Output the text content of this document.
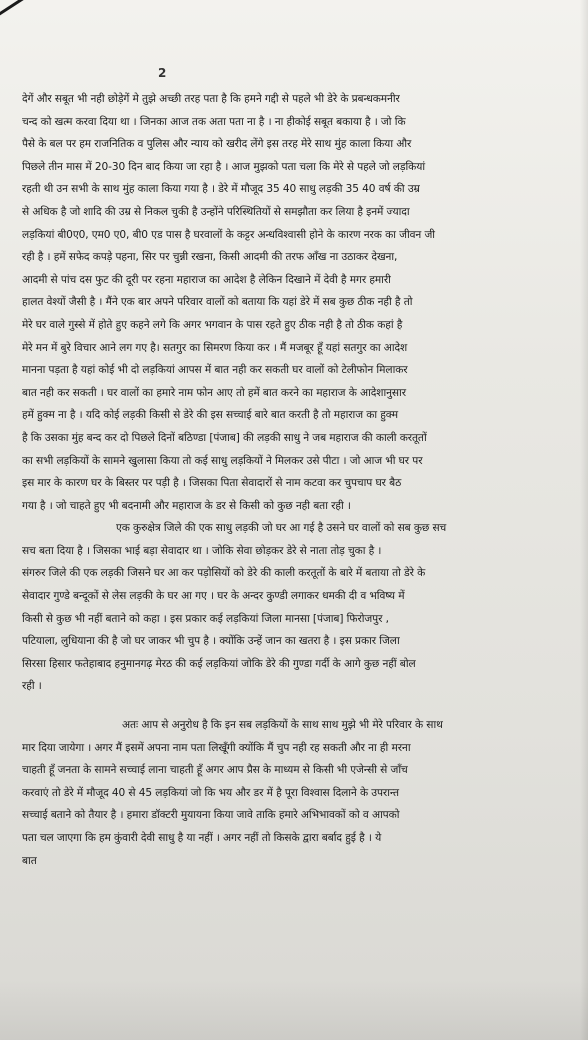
2
देगें और सबूत भी नही छोड़ेगें मे तुझे अच्छी तरह पता है कि हमने गद्दी से पहले भी डेरे के प्रबन्धकमनीर
चन्द को खत्म करवा दिया था । जिनका आज तक अता पता ना है । ना हीकोई सबूत बकाया है । जो कि
पैसे के बल पर हम राजनितिक व पुलिस और न्याय को खरीद लेंगे इस तरह मेरे साथ मुंह काला किया और
पिछले तीन मास में 20-30 दिन बाद किया जा रहा है । आज मुझको पता चला कि मेरे से पहले जो लड़कियां
रहती थी उन सभी के साथ मुंह काला किया गया है । डेरे में मौजूद 35 40 साधु लड़की 35 40 वर्ष की उम्र
से अधिक है जो शादि की उम्र से निकल चुकी है उन्होंने परिस्थितियों से समझौता कर लिया है इनमें ज्यादा
लड़कियां बी0ए0, एम0 ए0, बी0 एड पास है घरवालों के कट्टर अन्धविश्वासी होने के कारण नरक का जीवन जी
रही है । हमें सफेद कपड़े पहना, सिर पर चुन्नी रखना, किसी आदमी की तरफ आँख ना उठाकर देखना,
आदमी से पांच दस फुट की दूरी पर रहना महाराज का आदेश है लेकिन दिखाने में देवी है मगर हमारी
हालत वेश्यों जैसी है । मैंने एक बार अपने परिवार वालों को बताया कि यहां डेरे में सब कुछ ठीक नही है तो
मेरे घर वाले गुस्से में होते हुए कहने लगे कि अगर भगवान के पास रहते हुए ठीक नही है तो ठीक कहां है
मेरे मन में बुरे विचार आने लग गए है। सतगुर का सिमरण किया कर । मैं मजबूर हूँ यहां सतगुर का आदेश
मानना पड़ता है यहां कोई भी दो लड़कियां आपस में बात नही कर सकती घर वालों को टेलीफोन मिलाकर
बात नही कर सकती । घर वालों का हमारे नाम फोन आए तो हमें बात करने का महाराज के आदेशानुसार
हमें हुक्म ना है । यदि कोई लड़की किसी से डेरे की इस सच्चाई बारे बात करती है तो महाराज का हुक्म
है कि उसका मुंह बन्द कर दो पिछले दिनों बठिण्डा [पंजाब] की लड़की साधु ने जब महाराज की काली करतूतों
का सभी लड़कियों के सामने खुलासा किया तो कई साधु लड़कियों ने मिलकर उसे पीटा । जो आज भी घर पर
इस मार के कारण घर के बिस्तर पर पड़ी है । जिसका पिता सेवादारों से नाम कटवा कर चुपचाप घर बैठ
गया है । जो चाहते हुए भी बदनामी और महाराज के डर से किसी को कुछ नही बता रही ।
एक कुरुक्षेत्र जिले की एक साधु लड़की जो घर आ गई है उसने घर वालों को सब कुछ सच
सच बता दिया है । जिसका भाई बड़ा सेवादार था । जोकि सेवा छोड़कर डेरे से नाता तोड़ चुका है ।
संगरुर जिले की एक लड़की जिसने घर आ कर पड़ोसियों को डेरे की काली करतूतों के बारे में बताया तो डेरे के
सेवादार गुण्डे बन्दूकों से लेस लड़की के घर आ गए । घर के अन्दर कुण्डी लगाकर धमकी दी व भविष्य में
किसी से कुछ भी नहीं बताने को कहा । इस प्रकार कई लड़कियां जिला मानसा [पंजाब] फिरोजपुर ,
पटियाला, लुधियाना की है जो घर जाकर भी चुप है । क्योंकि उन्हें जान का खतरा है । इस प्रकार जिला
सिरसा हिसार फतेहाबाद हनुमानगढ़ मेरठ की कई लड़कियां जोकि डेरे की गुण्डा गर्दी के आगे कुछ नहीं बोल
रही ।
अतः आप से अनुरोध है कि इन सब लड़कियों के साथ साथ मुझे भी मेरे परिवार के साथ
मार दिया जायेगा । अगर मैं इसमें अपना नाम पता लिखूँगी क्योंकि मैं चुप नही रह सकती और ना ही मरना
चाहती हूँ जनता के सामने सच्चाई लाना चाहती हूँ अगर आप प्रैस के माध्यम से किसी भी एजेन्सी से जाँच
करवाएं तो डेरे में मौजूद 40 से 45 लड़कियां जो कि भय और डर में है पूरा विश्वास दिलाने के उपरान्त
सच्चाई बताने को तैयार है । हमारा डॉक्टरी मुयायना किया जावे ताकि हमारे अभिभावकों को व आपको
पता चल जाएगा कि हम कुंवारी देवी साधु है या नहीं । अगर नहीं तो किसके द्वारा बर्बाद हुई है । ये
बात
